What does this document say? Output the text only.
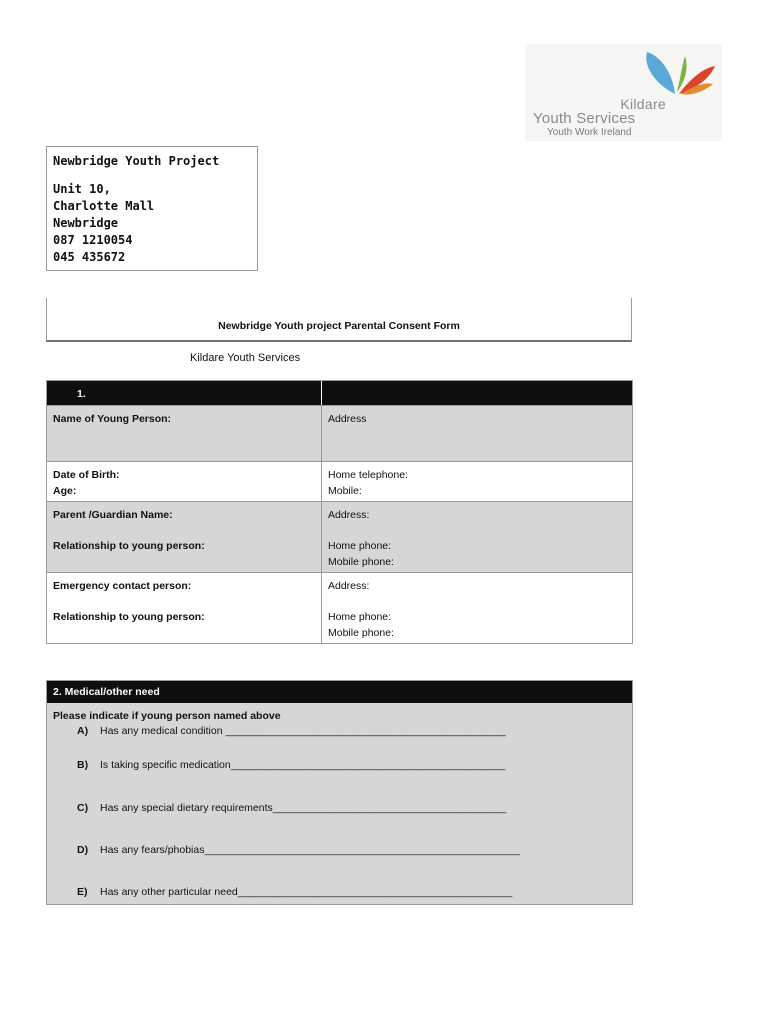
Kildare
Youth Services
Youth Work Ireland
Newbridge Youth Project
Unit 10,
Charlotte Mall
Newbridge
087 1210054
045 435672
Newbridge Youth project Parental Consent Form
Kildare Youth Services
1.
Name of Young Person:	Address
Date of Birth:
Age:
Home telephone:
Mobile:
Parent /Guardian Name:
Relationship to young person:
Address:
Home phone:
Mobile phone:
Emergency contact person:
Relationship to young person:
Address:
Home phone:
Mobile phone:
2. Medical/other need
Please indicate if young person named above
A) Has any medical condition ________________________________________________
B) Is taking specific medication_______________________________________________
C) Has any special dietary requirements________________________________________
D) Has any fears/phobias______________________________________________________
E) Has any other particular need_______________________________________________
